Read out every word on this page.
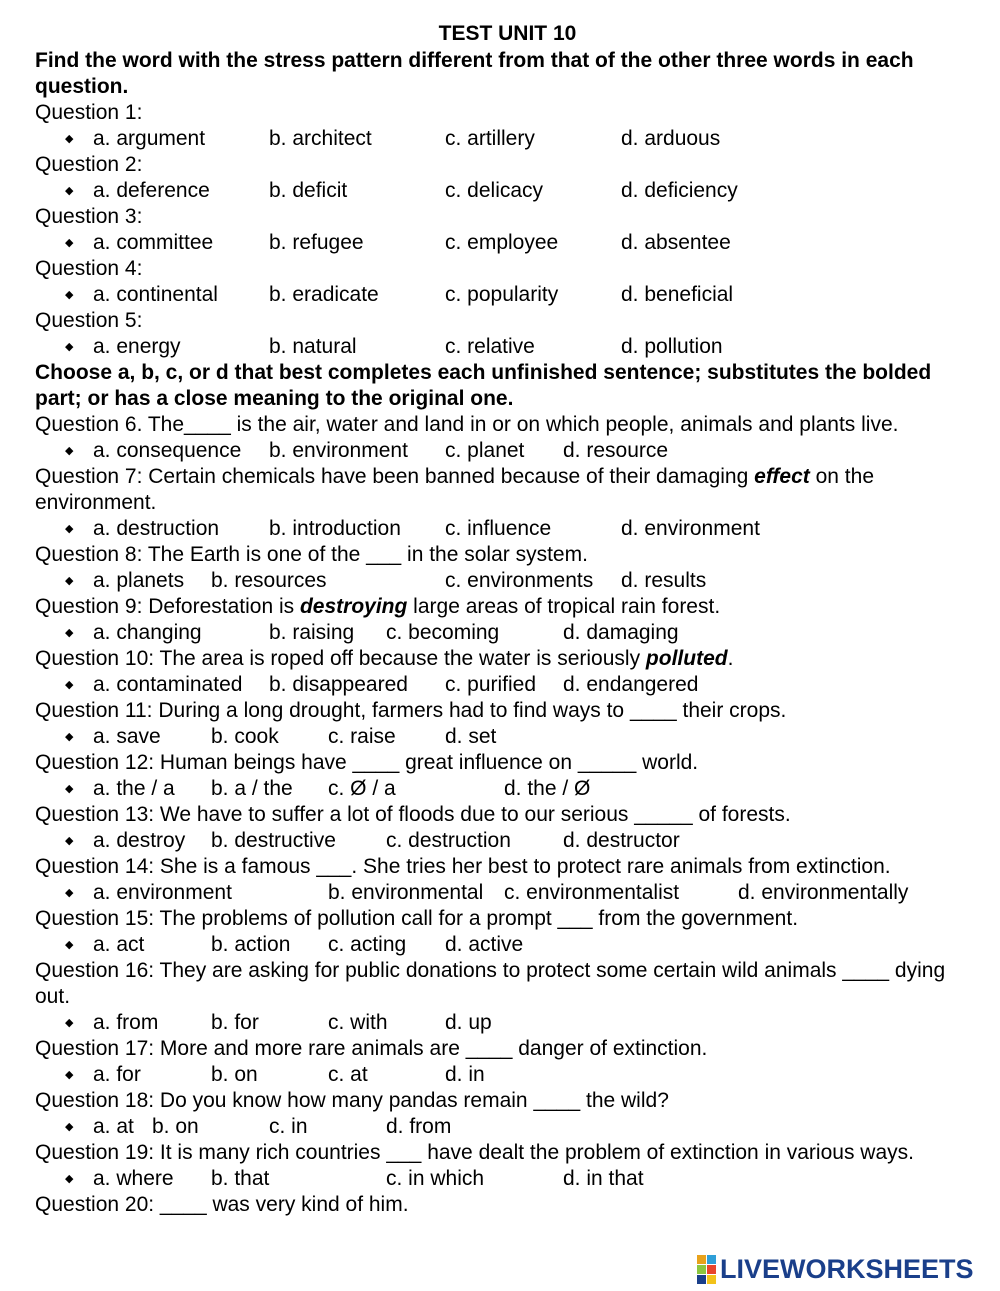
TEST UNIT 10
Find the word with the stress pattern different from that of the other three words in each question.
Question 1:
◆ a. argument	b. architect	c. artillery	d. arduous
Question 2:
◆ a. deference	b. deficit	c. delicacy	d. deficiency
Question 3:
◆ a. committee	b. refugee	c. employee	d. absentee
Question 4:
◆ a. continental b. eradicate	c. popularity	d. beneficial
Question 5:
◆ a. energy	b. natural	c. relative	d. pollution
Choose a, b, c, or d that best completes each unfinished sentence; substitutes the bolded part; or has a close meaning to the original one.
Question 6. The____ is the air, water and land in or on which people, animals and plants live.
◆ a. consequence b. environment c. planet d. resource
Question 7: Certain chemicals have been banned because of their damaging effect on the environment.
◆ a. destruction b. introduction c. influence	d. environment
Question 8: The Earth is one of the ___ in the solar system.
◆ a. planets b. resources	c. environments d. results
Question 9: Deforestation is destroying large areas of tropical rain forest.
◆ a. changing	b. raising c. becoming	d. damaging
Question 10: The area is roped off because the water is seriously polluted.
◆ a. contaminated b. disappeared c. purified d. endangered
Question 11: During a long drought, farmers had to find ways to ____ their crops.
◆ a. save b. cook c. raise d. set
Question 12: Human beings have ____ great influence on _____ world.
◆ a. the / a b. a / the c. Ø / a	d. the / Ø
Question 13: We have to suffer a lot of floods due to our serious _____ of forests.
◆ a. destroy b. destructive c. destruction d. destructor
Question 14: She is a famous ___. She tries her best to protect rare animals from extinction.
◆ a. environment	b. environmental c. environmentalist	d. environmentally
Question 15: The problems of pollution call for a prompt ___ from the government.
◆ a. act	b. action c. acting d. active
Question 16: They are asking for public donations to protect some certain wild animals ____ dying out.
◆ a. from	b. for	c. with	d. up
Question 17: More and more rare animals are ____ danger of extinction.
◆ a. for	b. on	c. at	d. in
Question 18: Do you know how many pandas remain ____ the wild?
◆ a. at b. on	c. in	d. from
Question 19: It is many rich countries ___ have dealt the problem of extinction in various ways.
◆ a. where b. that	c. in which	d. in that
Question 20: ____ was very kind of him.
LIVEWORKSHEETS
